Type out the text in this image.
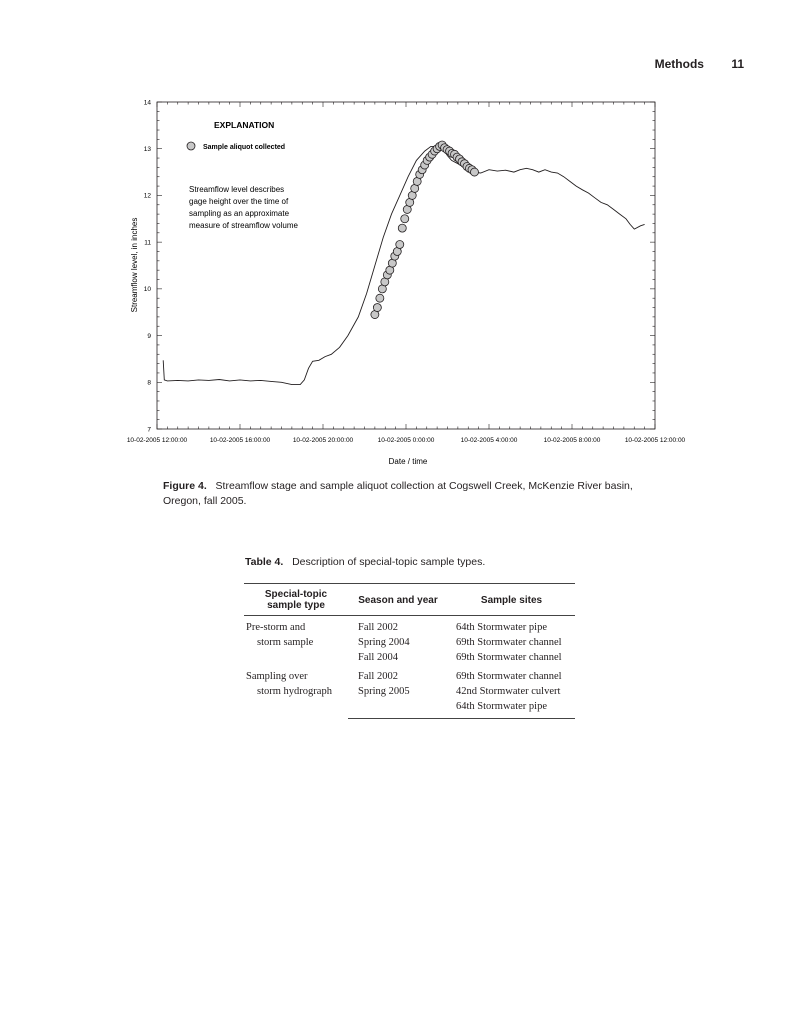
Methods 11
7
8
9
10
11
12
13
14
10-02-2005 12:00:00	10-02-2005 16:00:00	10-02-2005 20:00:00	10-02-2005 0:00:00	10-02-2005 4:00:00	10-02-2005 8:00:00	10-02-2005 12:00:00
Streamflow level, in inches
Date / time
EXPLANATION
Sample aliquot collected
Streamflow level describes
gage height over the time of
sampling as an approximate
measure of streamflow volume
Figure 4. Streamflow stage and sample aliquot collection at Cogswell Creek, McKenzie River basin, Oregon, fall 2005.
Table 4. Description of special-topic sample types.
Special-topic
sample type	Season and year	Sample sites
Pre-storm and
storm sample	Fall 2002	64th Stormwater pipe
	Spring 2004	69th Stormwater channel
	Fall 2004	69th Stormwater channel
Sampling over
storm hydrograph	Fall 2002	69th Stormwater channel
	Spring 2005	42nd Stormwater culvert
		64th Stormwater pipe
